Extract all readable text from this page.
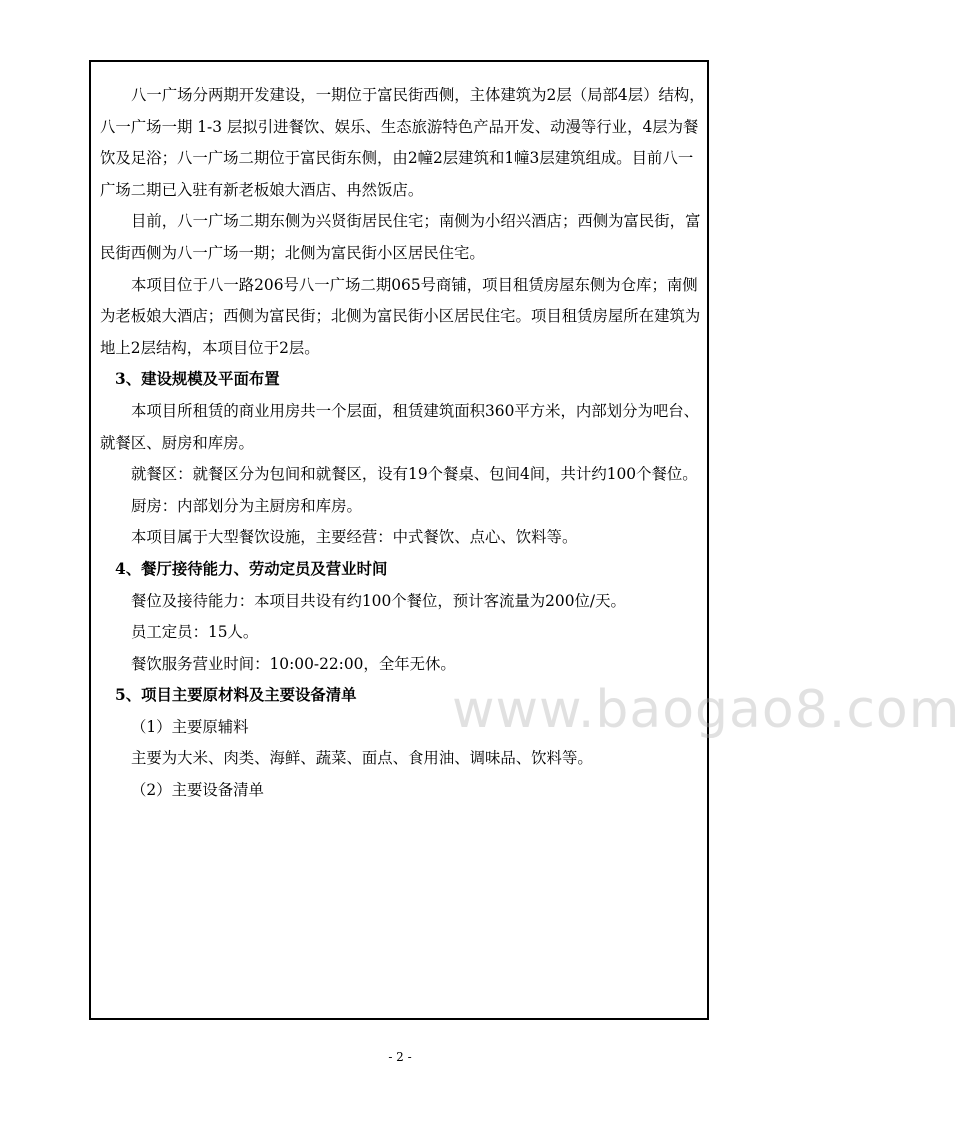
八一广场分两期开发建设，一期位于富民街西侧，主体建筑为2层（局部4层）结构，八一广场一期 1-3 层拟引进餐饮、娱乐、生态旅游特色产品开发、动漫等行业，4层为餐饮及足浴；八一广场二期位于富民街东侧，由2幢2层建筑和1幢3层建筑组成。目前八一广场二期已入驻有新老板娘大酒店、冉然饭店。

目前，八一广场二期东侧为兴贤街居民住宅；南侧为小绍兴酒店；西侧为富民街，富民街西侧为八一广场一期；北侧为富民街小区居民住宅。

本项目位于八一路206号八一广场二期065号商铺，项目租赁房屋东侧为仓库；南侧为老板娘大酒店；西侧为富民街；北侧为富民街小区居民住宅。项目租赁房屋所在建筑为地上2层结构，本项目位于2层。

3、建设规模及平面布置

本项目所租赁的商业用房共一个层面，租赁建筑面积360平方米，内部划分为吧台、就餐区、厨房和库房。

就餐区：就餐区分为包间和就餐区，设有19个餐桌、包间4间，共计约100个餐位。

厨房：内部划分为主厨房和库房。

本项目属于大型餐饮设施，主要经营：中式餐饮、点心、饮料等。

4、餐厅接待能力、劳动定员及营业时间

餐位及接待能力：本项目共设有约100个餐位，预计客流量为200位/天。

员工定员：15人。

餐饮服务营业时间：10:00-22:00，全年无休。

5、项目主要原材料及主要设备清单

（1）主要原辅料

主要为大米、肉类、海鲜、蔬菜、面点、食用油、调味品、饮料等。

（2）主要设备清单

www.baogao8.com
- 2 -
